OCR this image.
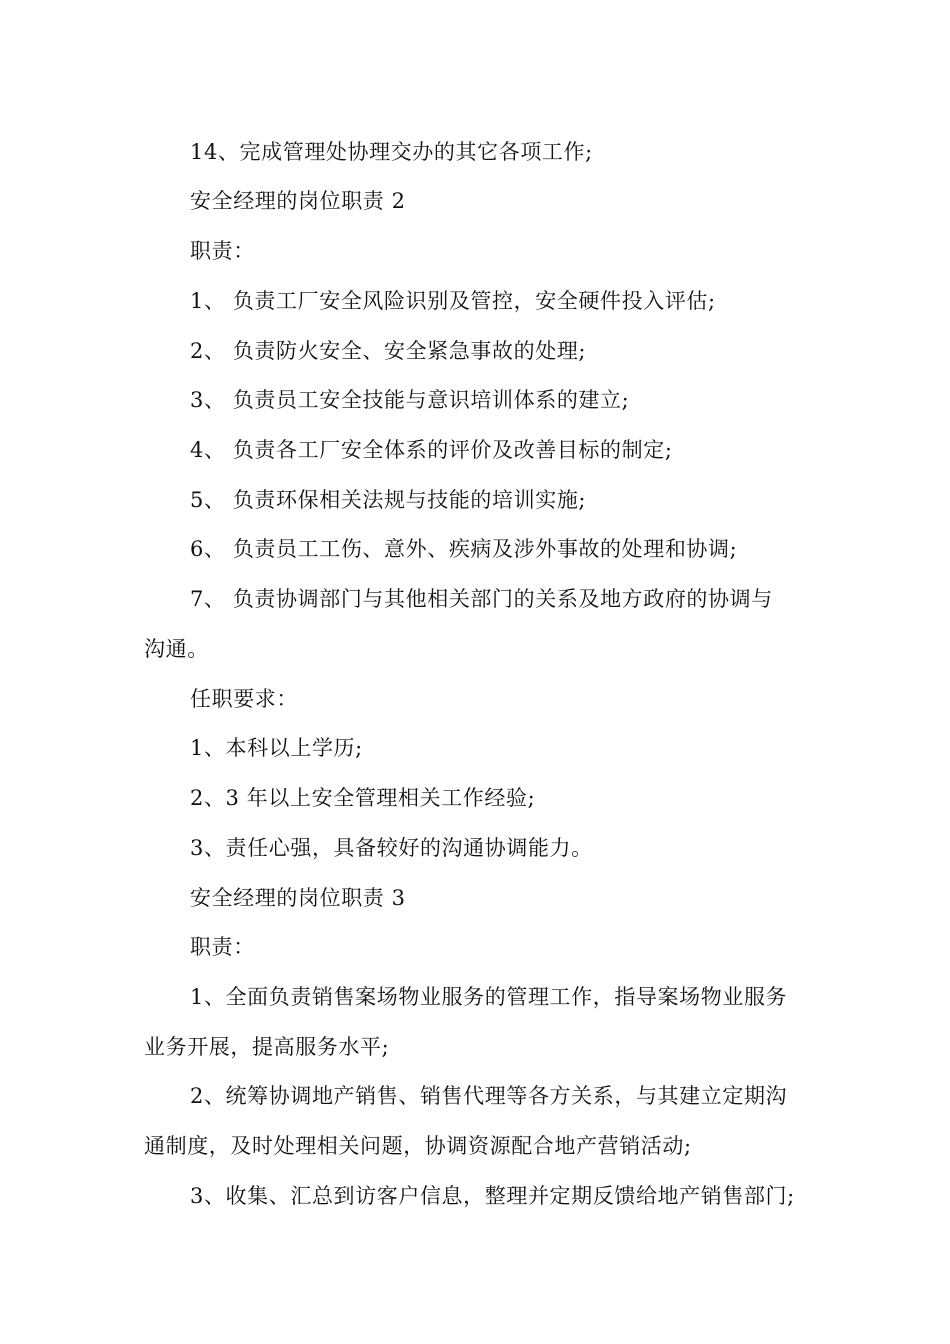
14、完成管理处协理交办的其它各项工作;
安全经理的岗位职责 2
职责：
1、 负责工厂安全风险识别及管控，安全硬件投入评估;
2、 负责防火安全、安全紧急事故的处理;
3、 负责员工安全技能与意识培训体系的建立;
4、 负责各工厂安全体系的评价及改善目标的制定;
5、 负责环保相关法规与技能的培训实施;
6、 负责员工工伤、意外、疾病及涉外事故的处理和协调;
7、 负责协调部门与其他相关部门的关系及地方政府的协调与
沟通。
任职要求：
1、本科以上学历;
2、3 年以上安全管理相关工作经验;
3、责任心强，具备较好的沟通协调能力。
安全经理的岗位职责 3
职责：
1、全面负责销售案场物业服务的管理工作，指导案场物业服务
业务开展，提高服务水平;
2、统筹协调地产销售、销售代理等各方关系，与其建立定期沟
通制度，及时处理相关问题，协调资源配合地产营销活动;
3、收集、汇总到访客户信息，整理并定期反馈给地产销售部门;
